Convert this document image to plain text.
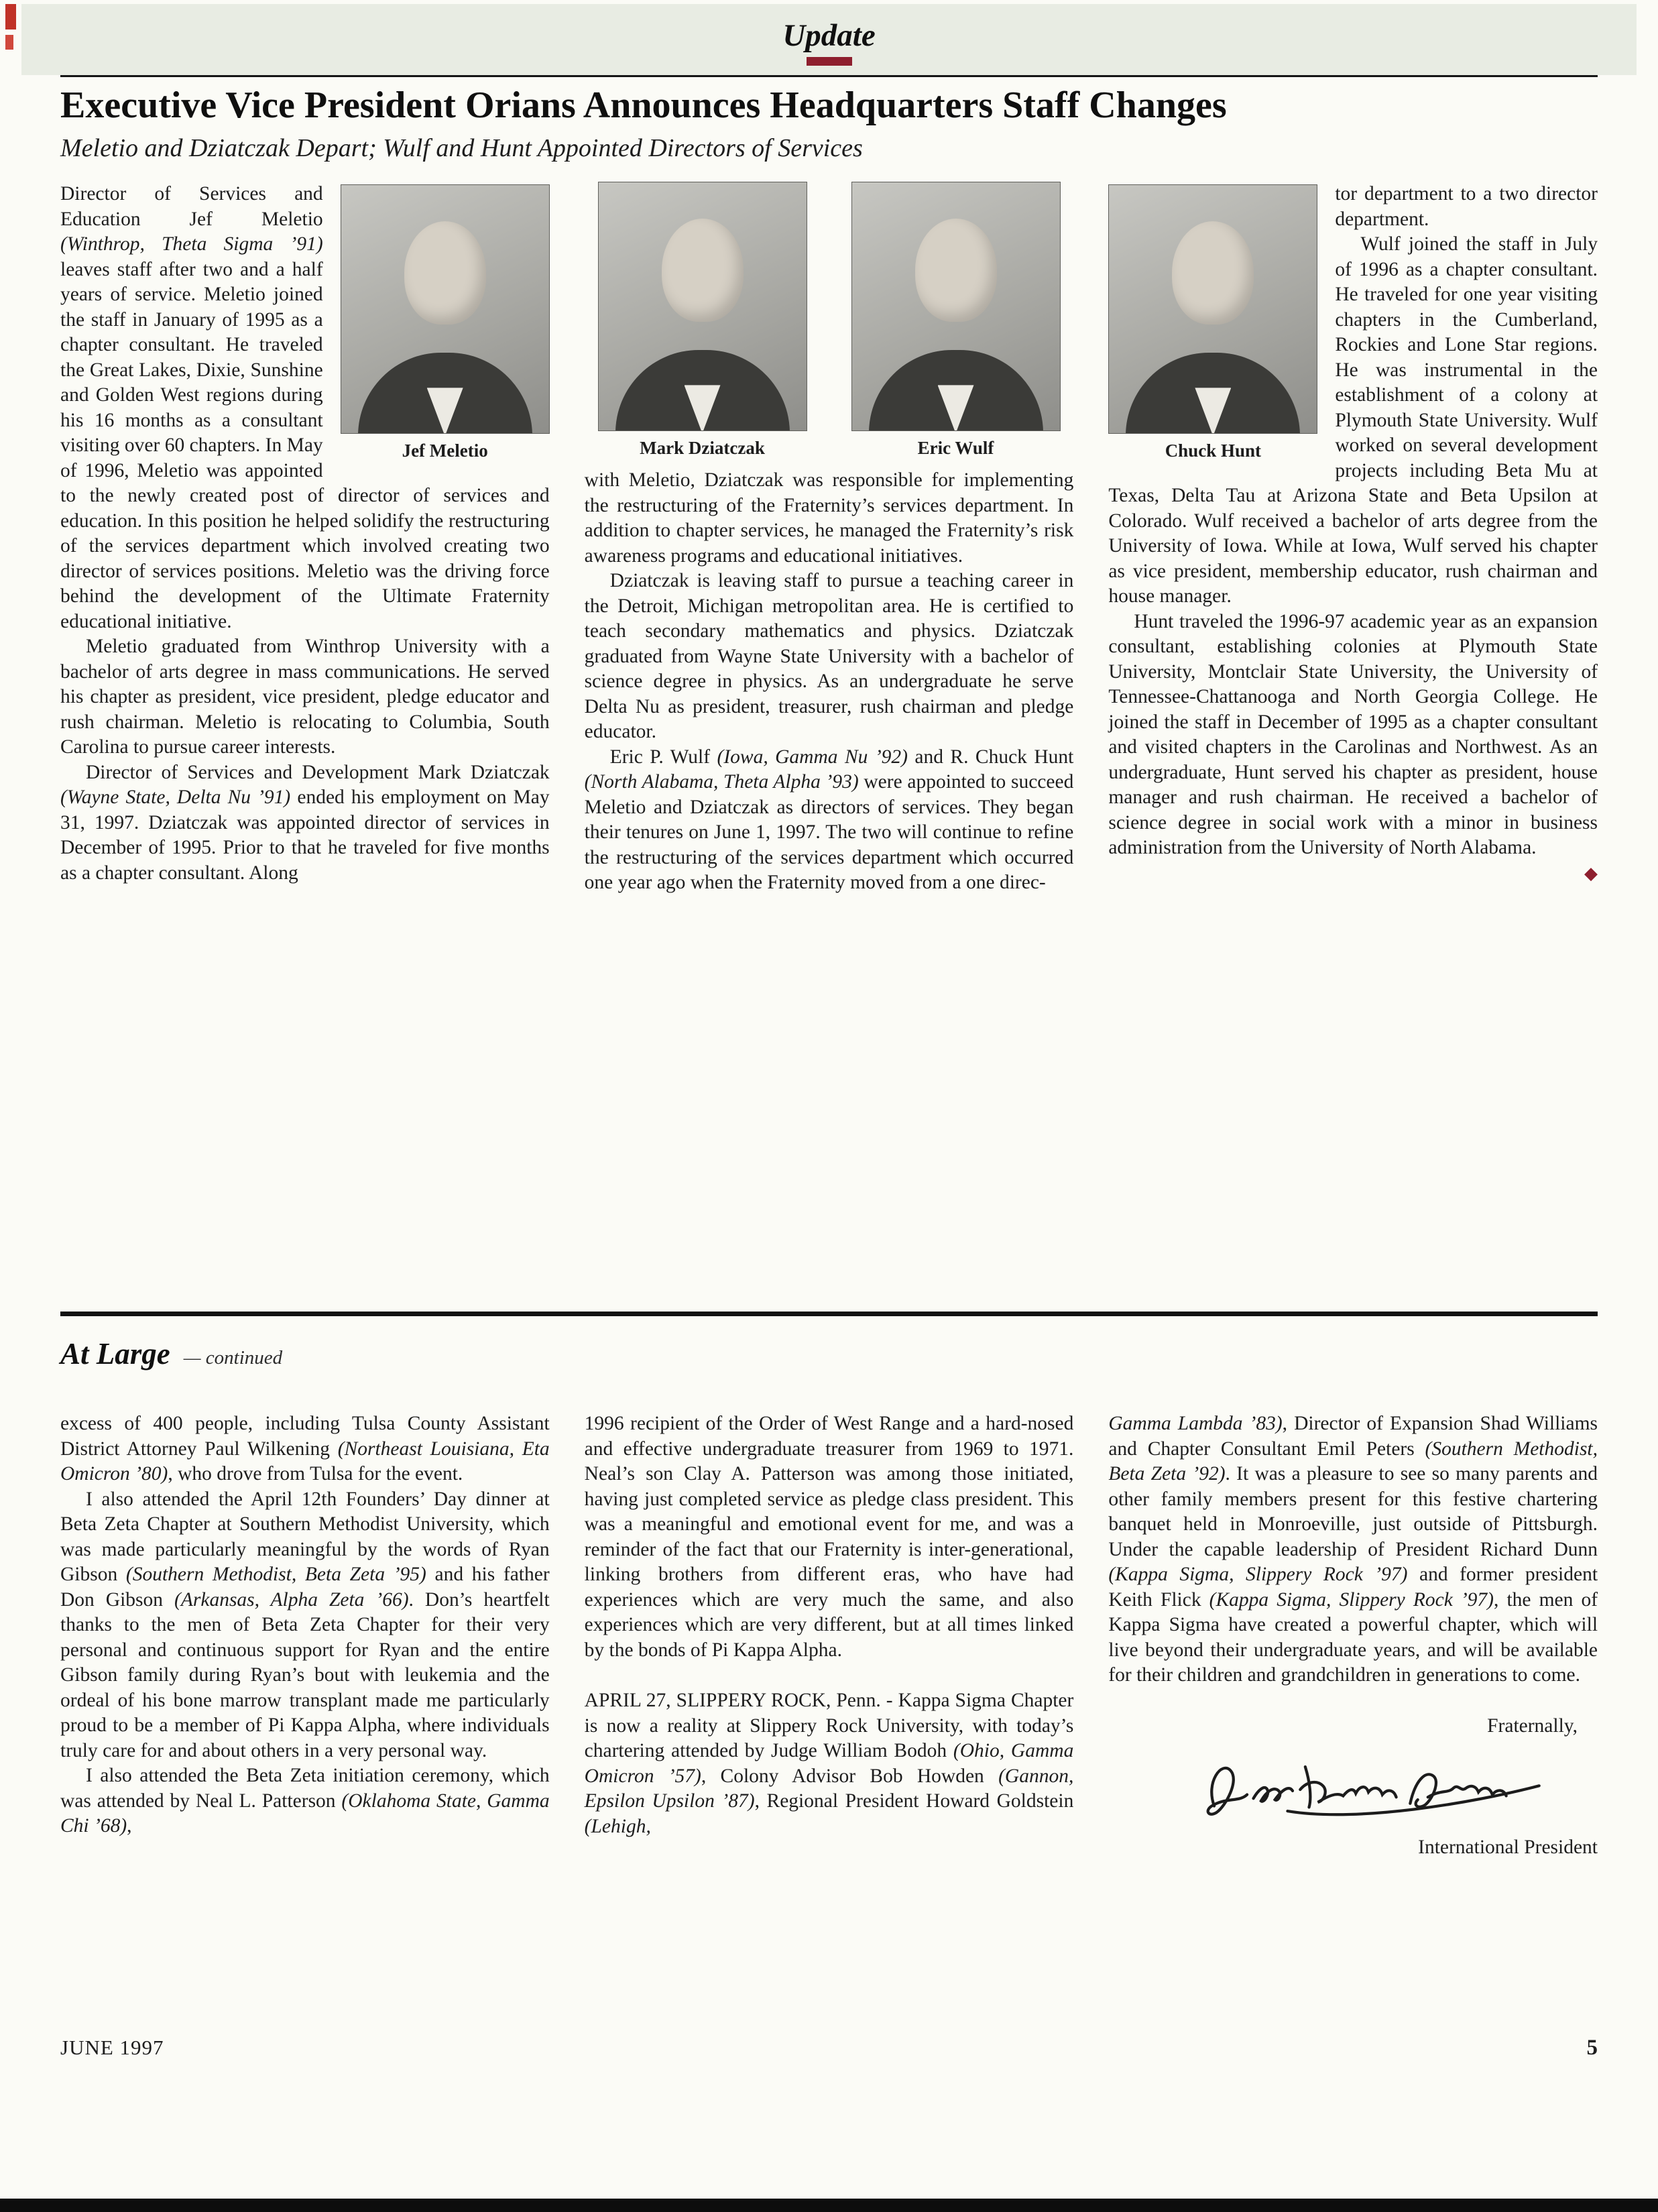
Update
Executive Vice President Orians Announces Headquarters Staff Changes
Meletio and Dziatczak Depart; Wulf and Hunt Appointed Directors of Services
Jef Meletio

Director of Services and Education Jef Meletio (Winthrop, Theta Sigma ’91) leaves staff after two and a half years of service. Meletio joined the staff in January of 1995 as a chapter consultant. He traveled the Great Lakes, Dixie, Sunshine and Golden West regions during his 16 months as a consultant visiting over 60 chapters. In May of 1996, Meletio was appointed to the newly created post of director of services and education. In this position he helped solidify the restructuring of the services department which involved creating two director of services positions. Meletio was the driving force behind the development of the Ultimate Fraternity educational initiative.

Meletio graduated from Winthrop University with a bachelor of arts degree in mass communications. He served his chapter as president, vice president, pledge educator and rush chairman. Meletio is relocating to Columbia, South Carolina to pursue career interests.

Director of Services and Development Mark Dziatczak (Wayne State, Delta Nu ’91) ended his employment on May 31, 1997. Dziatczak was appointed director of services in December of 1995. Prior to that he traveled for five months as a chapter consultant. Along

Mark Dziatczak	Eric Wulf

with Meletio, Dziatczak was responsible for implementing the restructuring of the Fraternity’s services department. In addition to chapter services, he managed the Fraternity’s risk awareness programs and educational initiatives.

Dziatczak is leaving staff to pursue a teaching career in the Detroit, Michigan metropolitan area. He is certified to teach secondary mathematics and physics. Dziatczak graduated from Wayne State University with a bachelor of science degree in physics. As an undergraduate he serve Delta Nu as president, treasurer, rush chairman and pledge educator.

Eric P. Wulf (Iowa, Gamma Nu ’92) and R. Chuck Hunt (North Alabama, Theta Alpha ’93) were appointed to succeed Meletio and Dziatczak as directors of services. They began their tenures on June 1, 1997. The two will continue to refine the restructuring of the services department which occurred one year ago when the Fraternity moved from a one direc-

Chuck Hunt

tor department to a two director department.

Wulf joined the staff in July of 1996 as a chapter consultant. He traveled for one year visiting chapters in the Cumberland, Rockies and Lone Star regions. He was instrumental in the establishment of a colony at Plymouth State University. Wulf worked on several development projects including Beta Mu at Texas, Delta Tau at Arizona State and Beta Upsilon at Colorado. Wulf received a bachelor of arts degree from the University of Iowa. While at Iowa, Wulf served his chapter as vice president, membership educator, rush chairman and house manager.

Hunt traveled the 1996-97 academic year as an expansion consultant, establishing colonies at Plymouth State University, Montclair State University, the University of Tennessee-Chattanooga and North Georgia College. He joined the staff in December of 1995 as a chapter consultant and visited chapters in the Carolinas and Northwest. As an undergraduate, Hunt served his chapter as president, house manager and rush chairman. He received a bachelor of science degree in social work with a minor in business administration from the University of North Alabama.

◆
At Large — continued

excess of 400 people, including Tulsa County Assistant District Attorney Paul Wilkening (Northeast Louisiana, Eta Omicron ’80), who drove from Tulsa for the event.

I also attended the April 12th Founders’ Day dinner at Beta Zeta Chapter at Southern Methodist University, which was made particularly meaningful by the words of Ryan Gibson (Southern Methodist, Beta Zeta ’95) and his father Don Gibson (Arkansas, Alpha Zeta ’66). Don’s heartfelt thanks to the men of Beta Zeta Chapter for their very personal and continuous support for Ryan and the entire Gibson family during Ryan’s bout with leukemia and the ordeal of his bone marrow transplant made me particularly proud to be a member of Pi Kappa Alpha, where individuals truly care for and about others in a very personal way.

I also attended the Beta Zeta initiation ceremony, which was attended by Neal L. Patterson (Oklahoma State, Gamma Chi ’68),

1996 recipient of the Order of West Range and a hard-nosed and effective undergraduate treasurer from 1969 to 1971. Neal’s son Clay A. Patterson was among those initiated, having just completed service as pledge class president. This was a meaningful and emotional event for me, and was a reminder of the fact that our Fraternity is inter-generational, linking brothers from different eras, who have had experiences which are very much the same, and also experiences which are very different, but at all times linked by the bonds of Pi Kappa Alpha.

APRIL 27, SLIPPERY ROCK, Penn. - Kappa Sigma Chapter is now a reality at Slippery Rock University, with today’s chartering attended by Judge William Bodoh (Ohio, Gamma Omicron ’57), Colony Advisor Bob Howden (Gannon, Epsilon Upsilon ’87), Regional President Howard Goldstein (Lehigh,

Gamma Lambda ’83), Director of Expansion Shad Williams and Chapter Consultant Emil Peters (Southern Methodist, Beta Zeta ’92). It was a pleasure to see so many parents and other family members present for this festive chartering banquet held in Monroeville, just outside of Pittsburgh. Under the capable leadership of President Richard Dunn (Kappa Sigma, Slippery Rock ’97) and former president Keith Flick (Kappa Sigma, Slippery Rock ’97), the men of Kappa Sigma have created a powerful chapter, which will live beyond their undergraduate years, and will be available for their children and grandchildren in generations to come.

Fraternally,

International President

JUNE 1997	5
